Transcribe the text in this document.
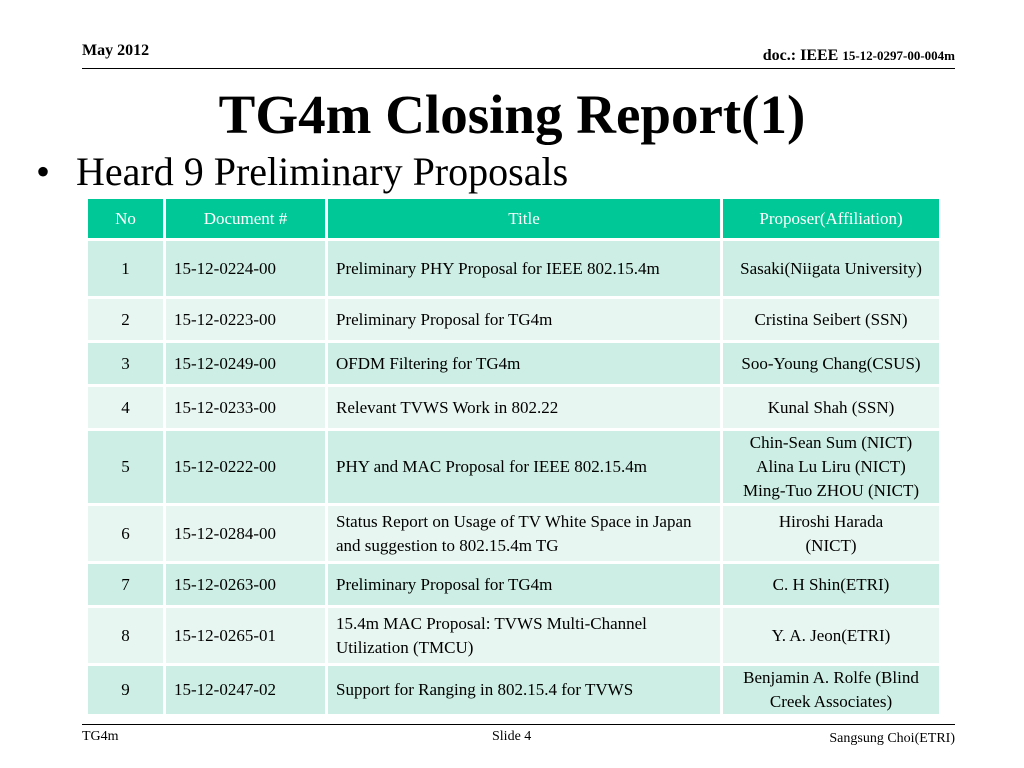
May 2012	doc.: IEEE 15-12-0297-00-004m
TG4m Closing Report(1)
• Heard 9 Preliminary Proposals
No	Document #	Title	Proposer(Affiliation)
1	15-12-0224-00	Preliminary PHY Proposal for IEEE 802.15.4m	Sasaki(Niigata University)
2	15-12-0223-00	Preliminary Proposal for TG4m	Cristina Seibert (SSN)
3	15-12-0249-00	OFDM Filtering for TG4m	Soo-Young Chang(CSUS)
4	15-12-0233-00	Relevant TVWS Work in 802.22	Kunal Shah (SSN)
5	15-12-0222-00	PHY and MAC Proposal for IEEE 802.15.4m	Chin-Sean Sum (NICT)
Alina Lu Liru (NICT)
Ming-Tuo ZHOU (NICT)
6	15-12-0284-00	Status Report on Usage of TV White Space in Japan and suggestion to 802.15.4m TG	Hiroshi Harada
(NICT)
7	15-12-0263-00	Preliminary Proposal for TG4m	C. H Shin(ETRI)
8	15-12-0265-01	15.4m MAC Proposal: TVWS Multi-Channel Utilization (TMCU)	Y. A. Jeon(ETRI)
9	15-12-0247-02	Support for Ranging in 802.15.4 for TVWS	Benjamin A. Rolfe (Blind Creek Associates)
TG4m	Slide 4	Sangsung Choi(ETRI)
